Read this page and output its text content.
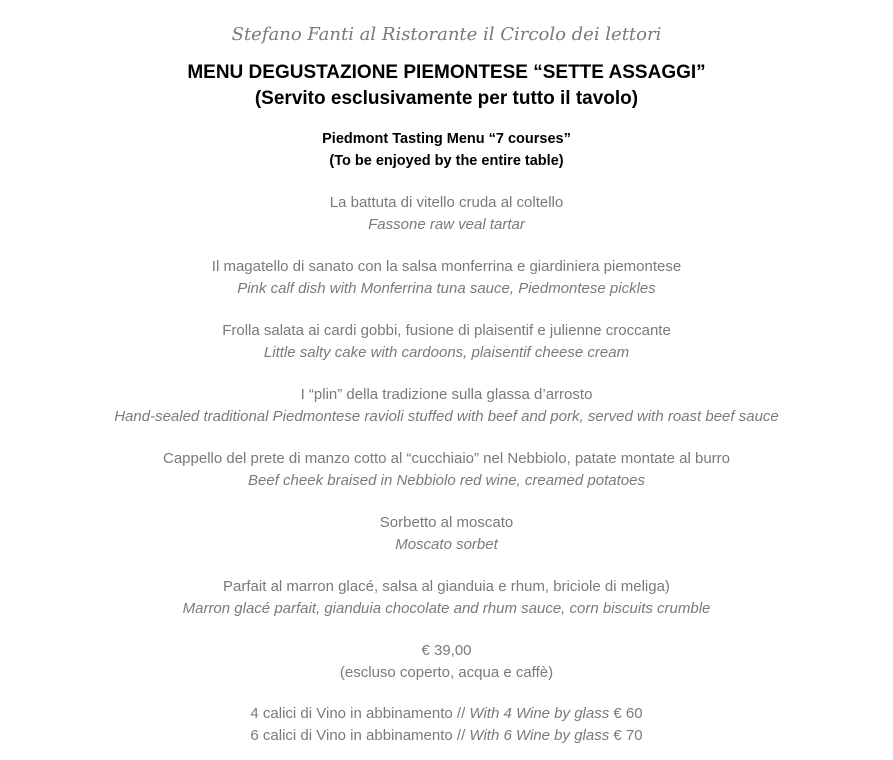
Stefano Fanti al Ristorante il Circolo dei lettori
MENU DEGUSTAZIONE PIEMONTESE “SETTE ASSAGGI”
(Servito esclusivamente per tutto il tavolo)
Piedmont Tasting Menu “7 courses”
(To be enjoyed by the entire table)
La battuta di vitello cruda al coltello
Fassone raw veal tartar
Il magatello di sanato con la salsa monferrina e giardiniera piemontese
Pink calf dish with Monferrina tuna sauce, Piedmontese pickles
Frolla salata ai cardi gobbi, fusione di plaisentif e julienne croccante
Little salty cake with cardoons, plaisentif cheese cream
I “plin” della tradizione sulla glassa d’arrosto
Hand-sealed traditional Piedmontese ravioli stuffed with beef and pork, served with roast beef sauce
Cappello del prete di manzo cotto al “cucchiaio” nel Nebbiolo, patate montate al burro
Beef cheek braised in Nebbiolo red wine, creamed potatoes
Sorbetto al moscato
Moscato sorbet
Parfait al marron glacé, salsa al gianduia e rhum, briciole di meliga)
Marron glacé parfait, gianduia chocolate and rhum sauce, corn biscuits crumble
€ 39,00
(escluso coperto, acqua e caffè)
4 calici di Vino in abbinamento // With 4 Wine by glass € 60
6 calici di Vino in abbinamento // With 6 Wine by glass € 70
